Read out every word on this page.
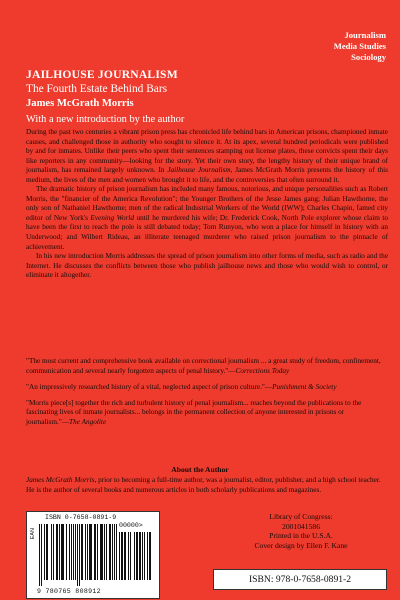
Journalism
Media Studies
Sociology
JAILHOUSE JOURNALISM
The Fourth Estate Behind Bars
James McGrath Morris
With a new introduction by the author

During the past two centuries a vibrant prison press has chronicled life behind bars in American prisons, championed inmate causes, and challenged those in authority who sought to silence it. At its apex, several hundred periodicals were published by and for inmates. Unlike their peers who spent their sentences stamping out license plates, these convicts spent their days like reporters in any community—looking for the story. Yet their own story, the lengthy history of their unique brand of journalism, has remained largely unknown. In Jailhouse Journalism, James McGrath Morris presents the history of this medium, the lives of the men and women who brought it to life, and the controversies that often surround it.

The dramatic history of prison journalism has included many famous, notorious, and unique personalities such as Robert Morris, the "financier of the America Revolution"; the Younger Brothers of the Jesse James gang; Julian Hawthorne, the only son of Nathaniel Hawthorne; men of the radical Industrial Workers of the World (IWW); Charles Chapin, famed city editor of New York's Evening World until he murdered his wife; Dr. Frederick Cook, North Pole explorer whose claim to have been the first to reach the pole is still debated today; Tom Runyon, who won a place for himself in history with an Underwood; and Wilbert Rideau, an illiterate teenaged murderer who raised prison journalism to the pinnacle of achievement.

In his new introduction Morris addresses the spread of prison journalism into other forms of media, such as radio and the Internet. He discusses the conflicts between those who publish jailhouse news and those who would wish to control, or eliminate it altogether.

"The most current and comprehensive book available on correctional journalism ... a great study of freedom, confinement, communication and several nearly forgotten aspects of penal history."—Corrections Today

"An impressively researched history of a vital, neglected aspect of prison culture."—Punishment & Society

"Morris piece[s] together the rich and turbulent history of penal journalism... reaches beyond the publications to the fascinating lives of inmate journalists... belongs in the permanent collection of anyone interested in prisons or journalism."—The Angolite

About the Author
James McGrath Morris, prior to becoming a full-time author, was a journalist, editor, publisher, and a high school teacher. He is the author of several books and numerous articles in both scholarly publications and magazines.
ISBN 0-7658-0891-9
EAN
00000>
9 780765 808912
Library of Congress:
2001041586
Printed in the U.S.A.
Cover design by Ellen F. Kane
ISBN: 978-0-7658-0891-2
